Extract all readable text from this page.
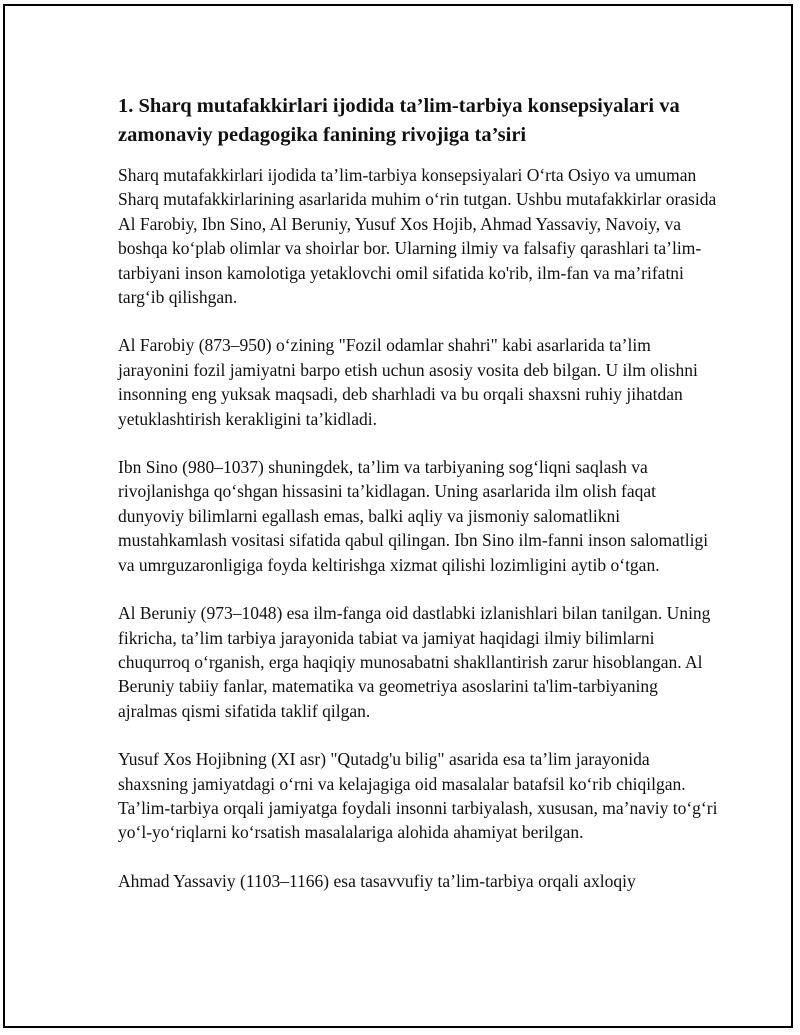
1. Sharq mutafakkirlari ijodida ta’lim-tarbiya konsepsiyalari va zamonaviy pedagogika fanining rivojiga ta’siri

Sharq mutafakkirlari ijodida ta’lim-tarbiya konsepsiyalari O‘rta Osiyo va umuman Sharq mutafakkirlarining asarlarida muhim o‘rin tutgan. Ushbu mutafakkirlar orasida Al Farobiy, Ibn Sino, Al Beruniy, Yusuf Xos Hojib, Ahmad Yassaviy, Navoiy, va boshqa ko‘plab olimlar va shoirlar bor. Ularning ilmiy va falsafiy qarashlari ta’lim-tarbiyani inson kamolotiga yetaklovchi omil sifatida ko'rib, ilm-fan va ma’rifatni targ‘ib qilishgan.

Al Farobiy (873–950) o‘zining "Fozil odamlar shahri" kabi asarlarida ta’lim jarayonini fozil jamiyatni barpo etish uchun asosiy vosita deb bilgan. U ilm olishni insonning eng yuksak maqsadi, deb sharhladi va bu orqali shaxsni ruhiy jihatdan yetuklashtirish kerakligini ta’kidladi.

Ibn Sino (980–1037) shuningdek, ta’lim va tarbiyaning sog‘liqni saqlash va rivojlanishga qo‘shgan hissasini ta’kidlagan. Uning asarlarida ilm olish faqat dunyoviy bilimlarni egallash emas, balki aqliy va jismoniy salomatlikni mustahkamlash vositasi sifatida qabul qilingan. Ibn Sino ilm-fanni inson salomatligi va umrguzaronligiga foyda keltirishga xizmat qilishi lozimligini aytib o‘tgan.

Al Beruniy (973–1048) esa ilm-fanga oid dastlabki izlanishlari bilan tanilgan. Uning fikricha, ta’lim tarbiya jarayonida tabiat va jamiyat haqidagi ilmiy bilimlarni chuqurroq o‘rganish, erga haqiqiy munosabatni shakllantirish zarur hisoblangan. Al Beruniy tabiiy fanlar, matematika va geometriya asoslarini ta'lim-tarbiyaning ajralmas qismi sifatida taklif qilgan.

Yusuf Xos Hojibning (XI asr) "Qutadg'u bilig" asarida esa ta’lim jarayonida shaxsning jamiyatdagi o‘rni va kelajagiga oid masalalar batafsil ko‘rib chiqilgan. Ta’lim-tarbiya orqali jamiyatga foydali insonni tarbiyalash, xususan, ma’naviy to‘g‘ri yo‘l-yo‘riqlarni ko‘rsatish masalalariga alohida ahamiyat berilgan.

Ahmad Yassaviy (1103–1166) esa tasavvufiy ta’lim-tarbiya orqali axloqiy
